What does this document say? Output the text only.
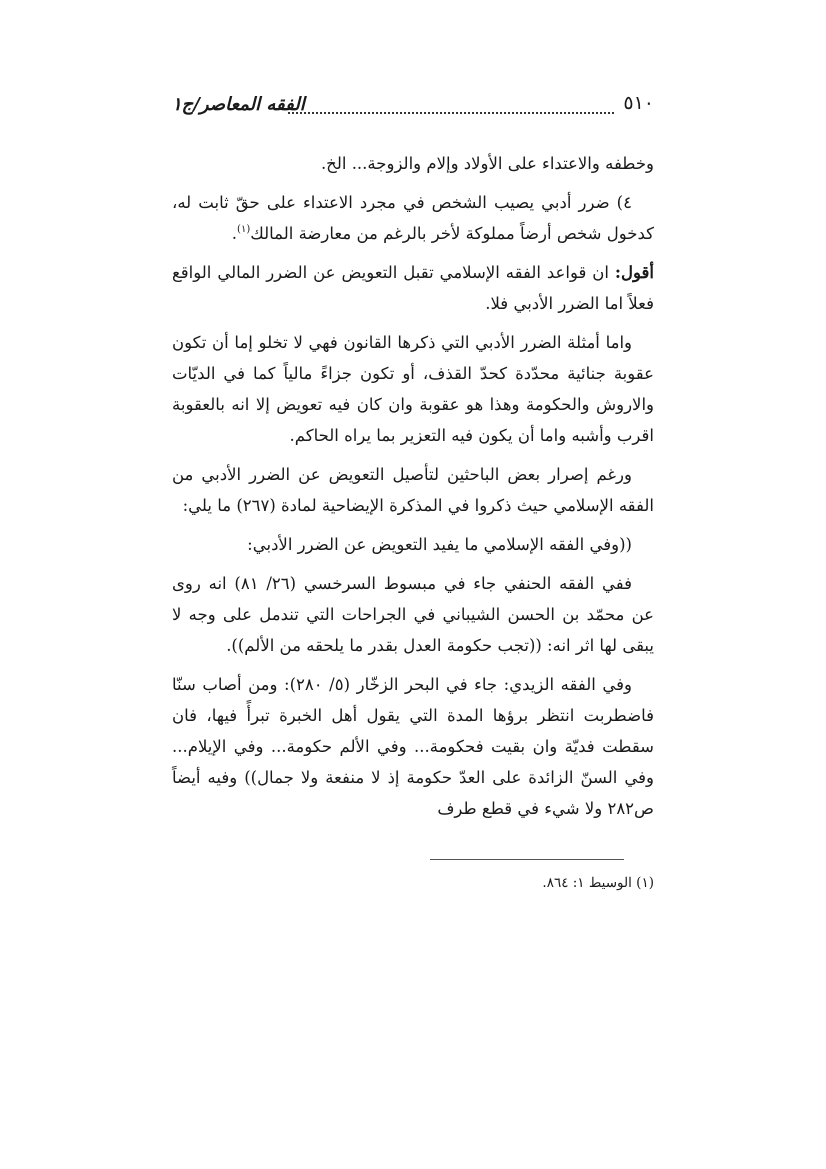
٥١٠
الفقه المعاصر/ج١

وخطفه والاعتداء على الأولاد وإلام والزوجة... الخ.

٤) ضرر أدبي يصيب الشخص في مجرد الاعتداء على حقّ ثابت له، كدخول شخص أرضاً مملوكة لأخر بالرغم من معارضة المالك$^{(١)}$.

أقول: ان قواعد الفقه الإسلامي تقبل التعويض عن الضرر المالي الواقع فعلاً اما الضرر الأدبي فلا.

واما أمثلة الضرر الأدبي التي ذكرها القانون فهي لا تخلو إما أن تكون عقوبة جنائية محدّدة كحدّ القذف، أو تكون جزاءً مالياً كما في الديّات والاروش والحكومة وهذا هو عقوبة وان كان فيه تعويض إلا انه بالعقوبة اقرب وأشبه واما أن يكون فيه التعزير بما يراه الحاكم.

ورغم إصرار بعض الباحثين لتأصيل التعويض عن الضرر الأدبي من الفقه الإسلامي حيث ذكروا في المذكرة الإيضاحية لمادة (٢٦٧) ما يلي:

((وفي الفقه الإسلامي ما يفيد التعويض عن الضرر الأدبي:

ففي الفقه الحنفي جاء في مبسوط السرخسي (٢٦/ ٨١) انه روى عن محمّد بن الحسن الشيباني في الجراحات التي تندمل على وجه لا يبقى لها اثر انه: ((تجب حكومة العدل بقدر ما يلحقه من الألم)).

وفي الفقه الزيدي: جاء في البحر الزخّار (٥/ ٢٨٠): ومن أصاب سنّا فاضطربت انتظر برؤها المدة التي يقول أهل الخبرة تبرأً فيها، فان سقطت فديّة وان بقيت فحكومة... وفي الألم حكومة... وفي الإيلام... وفي السنّ الزائدة على العدّ حكومة إذ لا منفعة ولا جمال)) وفيه أيضاً ص٢٨٢ ولا شيء في قطع طرف

(١) الوسيط ١: ٨٦٤.
